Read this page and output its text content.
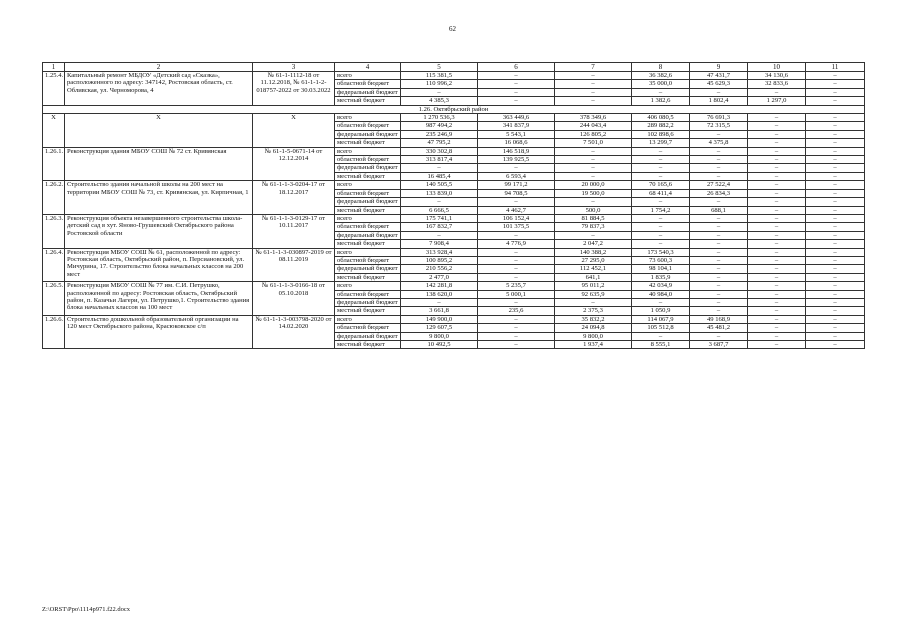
62
1	2	3	4	5	6	7	8	9	10	11
1.25.4.	Капитальный ремонт МБДОУ «Детский сад «Сказка», расположенного по адресу: 347142, Ростовская область, ст. Обливская, ул. Черноморова, 4	№ 61-1-1112-18 от 11.12.2018, № 61-1-1-2-018757-2022 от 30.03.2022	всего	115 381,5	–	–	36 382,6	47 431,7	34 130,6	–
			областной бюджет	110 996,2	–	–	35 000,0	45 629,3	32 833,6	–
			федеральный бюджет	–	–	–	–	–	–	–
			местный бюджет	4 385,3	–	–	1 382,6	1 802,4	1 297,0	–
1.26. Октябрьский район										
Х	Х	Х	всего	1 270 536,3	363 449,6	378 349,6	406 080,5	76 691,3	–	–
			областной бюджет	987 494,2	341 837,9	244 043,4	289 882,2	72 315,5	–	–
			федеральный бюджет	235 246,9	5 543,1	126 805,2	102 898,6	–	–	–
			местный бюджет	47 795,2	16 068,6	7 501,0	13 299,7	4 375,8	–	–
1.26.1.	Реконструкция здания МБОУ СОШ № 72 ст. Кривянская	№ 61-1-5-0671-14 от 12.12.2014	всего	330 302,8	146 518,9	–	–	–	–	–
			областной бюджет	313 817,4	139 925,5	–	–	–	–	–
			федеральный бюджет	–	–	–	–	–	–	–
			местный бюджет	16 485,4	6 593,4	–	–	–	–	–
1.26.2.	Строительство здания начальной школы на 200 мест на территории МБОУ СОШ № 73, ст. Кривянская, ул. Кирпичная, 1	№ 61-1-1-3-0204-17 от 18.12.2017	всего	140 505,5	99 171,2	20 000,0	70 165,6	27 522,4	–	–
			областной бюджет	133 839,0	94 708,5	19 500,0	68 411,4	26 834,3	–	–
			федеральный бюджет	–	–	–	–	–	–	–
			местный бюджет	6 666,5	4 462,7	500,0	1 754,2	688,1	–	–
1.26.3.	Реконструкция объекта незавершенного строительства школа-детский сад в хут. Яново-Грушевский Октябрьского района Ростовской области	№ 61-1-1-3-0129-17 от 10.11.2017	всего	175 741,1	106 152,4	81 884,5	–	–	–	–
			областной бюджет	167 832,7	101 375,5	79 837,3	–	–	–	–
			федеральный бюджет	–	–	–	–	–	–	–
			местный бюджет	7 908,4	4 776,9	2 047,2	–	–	–	–
1.26.4.	Реконструкция МБОУ СОШ № 61, расположенной по адресу: Ростовская область, Октябрьский район, п. Персиановский, ул. Мичурина, 17. Строительство блока начальных классов на 200 мест	№ 61-1-1-3-030897-2019 от 08.11.2019	всего	313 928,4	–	140 388,2	173 540,3	–	–	–
			областной бюджет	100 895,2	–	27 295,0	73 600,3	–	–	–
			федеральный бюджет	210 556,2	–	112 452,1	98 104,1	–	–	–
			местный бюджет	2 477,0	–	641,1	1 835,9	–	–	–
1.26.5.	Реконструкция МБОУ СОШ № 77 им. С.И. Петрушко, расположенной по адресу: Ростовская область, Октябрьский район, п. Казачьи Лагери, ул. Петрушко,1. Строительство здания блока начальных классов на 100 мест	№ 61-1-1-3-0166-18 от 05.10.2018	всего	142 281,8	5 235,7	95 011,2	42 034,9	–	–	–
			областной бюджет	138 620,0	5 000,1	92 635,9	40 984,0	–	–	–
			федеральный бюджет	–	–	–	–	–	–	–
			местный бюджет	3 661,8	235,6	2 375,3	1 050,9	–	–	–
1.26.6.	Строительство дошкольной образовательной организации на 120 мест Октябрьского района, Красюковское с/п	№ 61-1-1-3-003798-2020 от 14.02.2020	всего	149 900,0	–	35 832,2	114 067,9	49 168,9	–	–
			областной бюджет	129 607,5	–	24 094,8	105 512,8	45 481,2	–	–
			федеральный бюджет	9 800,0	–	9 800,0	–	–	–	–
			местный бюджет	10 492,5	–	1 937,4	8 555,1	3 687,7	–	–
Z:\ORST\Ppo\1114p971.f22.docx
